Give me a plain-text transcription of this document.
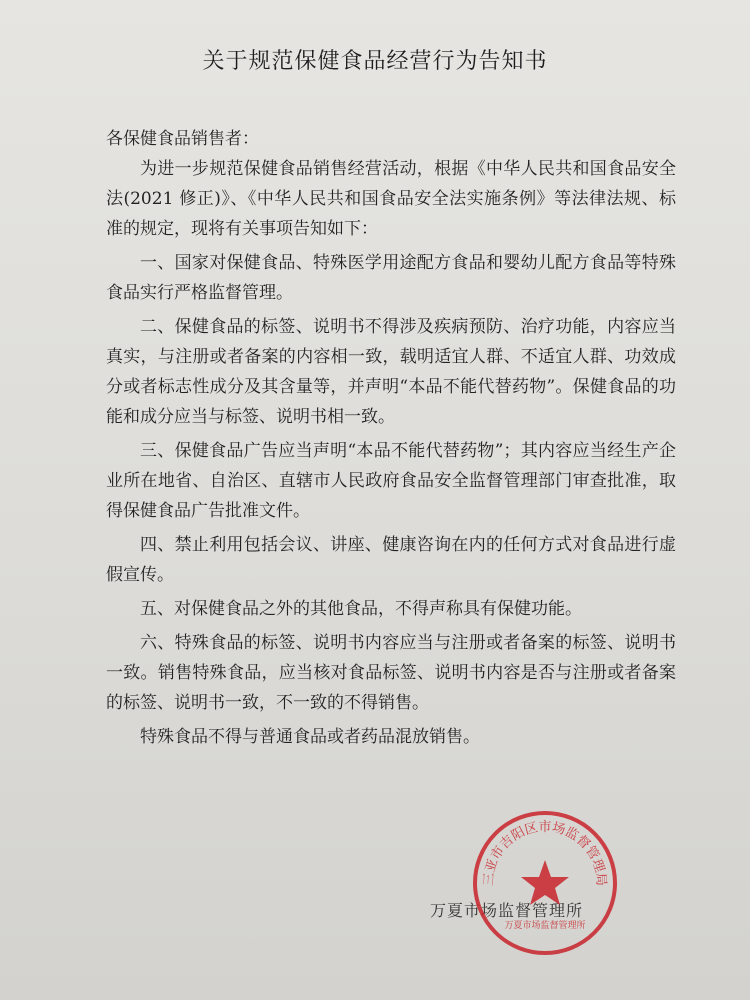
关于规范保健食品经营行为告知书
各保健食品销售者：

为进一步规范保健食品销售经营活动，根据《中华人民共和国食品安全法(2021 修正)》、《中华人民共和国食品安全法实施条例》等法律法规、标准的规定，现将有关事项告知如下：

一、国家对保健食品、特殊医学用途配方食品和婴幼儿配方食品等特殊食品实行严格监督管理。

二、保健食品的标签、说明书不得涉及疾病预防、治疗功能，内容应当真实，与注册或者备案的内容相一致，载明适宜人群、不适宜人群、功效成分或者标志性成分及其含量等，并声明“本品不能代替药物”。保健食品的功能和成分应当与标签、说明书相一致。

三、保健食品广告应当声明“本品不能代替药物”；其内容应当经生产企业所在地省、自治区、直辖市人民政府食品安全监督管理部门审查批准，取得保健食品广告批准文件。

四、禁止利用包括会议、讲座、健康咨询在内的任何方式对食品进行虚假宣传。

五、对保健食品之外的其他食品，不得声称具有保健功能。

六、特殊食品的标签、说明书内容应当与注册或者备案的标签、说明书一致。销售特殊食品，应当核对食品标签、说明书内容是否与注册或者备案的标签、说明书一致，不一致的不得销售。

特殊食品不得与普通食品或者药品混放销售。

万夏市场监督管理所
三亚市吉阳区市场监督管理局
万夏市场监督管理所
